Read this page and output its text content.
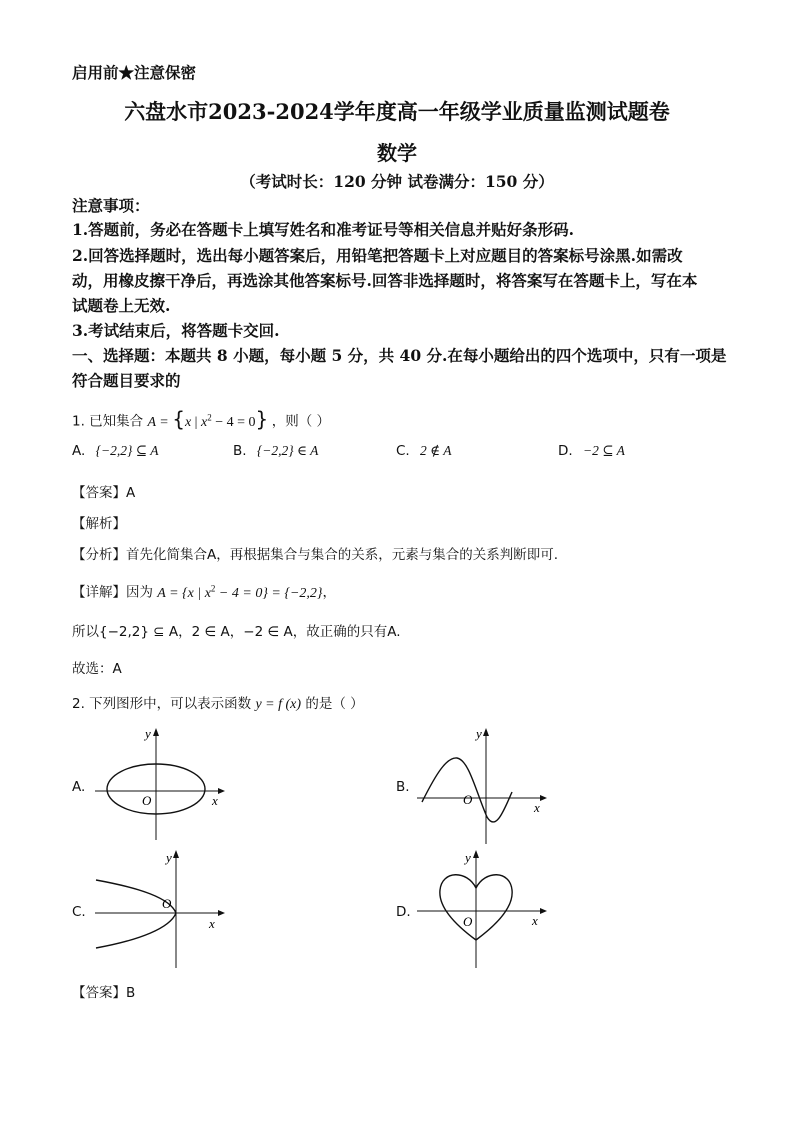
启用前★注意保密
六盘水市2023-2024学年度高一年级学业质量监测试题卷
数学
（考试时长：120 分钟 试卷满分：150 分）
注意事项：
1.答题前，务必在答题卡上填写姓名和准考证号等相关信息并贴好条形码.
2.回答选择题时，选出每小题答案后，用铅笔把答题卡上对应题目的答案标号涂黑.如需改
动，用橡皮擦干净后，再选涂其他答案标号.回答非选择题时，将答案写在答题卡上，写在本
试题卷上无效.
3.考试结束后，将答题卡交回.
一、选择题：本题共 8 小题，每小题 5 分，共 40 分.在每小题给出的四个选项中，只有一项是
符合题目要求的
1. 已知集合 A = {x | $x^2 - 4 = 0$} ，则（ ）
A. {−2,2} ⊆ A	B. {−2,2} ∈ A	C. 2 ∉ A	D. −2 ⊆ A
【答案】A
【解析】
【分析】首先化简集合A，再根据集合与集合的关系，元素与集合的关系判断即可.
【详解】因为 A = {x | $x^2 - 4 = 0\} = \{-2,2\}$，
所以{−2,2} ⊆ A，2 ∈ A，−2 ∈ A，故正确的只有A.
故选：A
2. 下列图形中，可以表示函数 y = f (x) 的是（ ）
A.	B.
C.	D.
y
x
O
y
x
O
y
x
O
y
x
O
【答案】B
